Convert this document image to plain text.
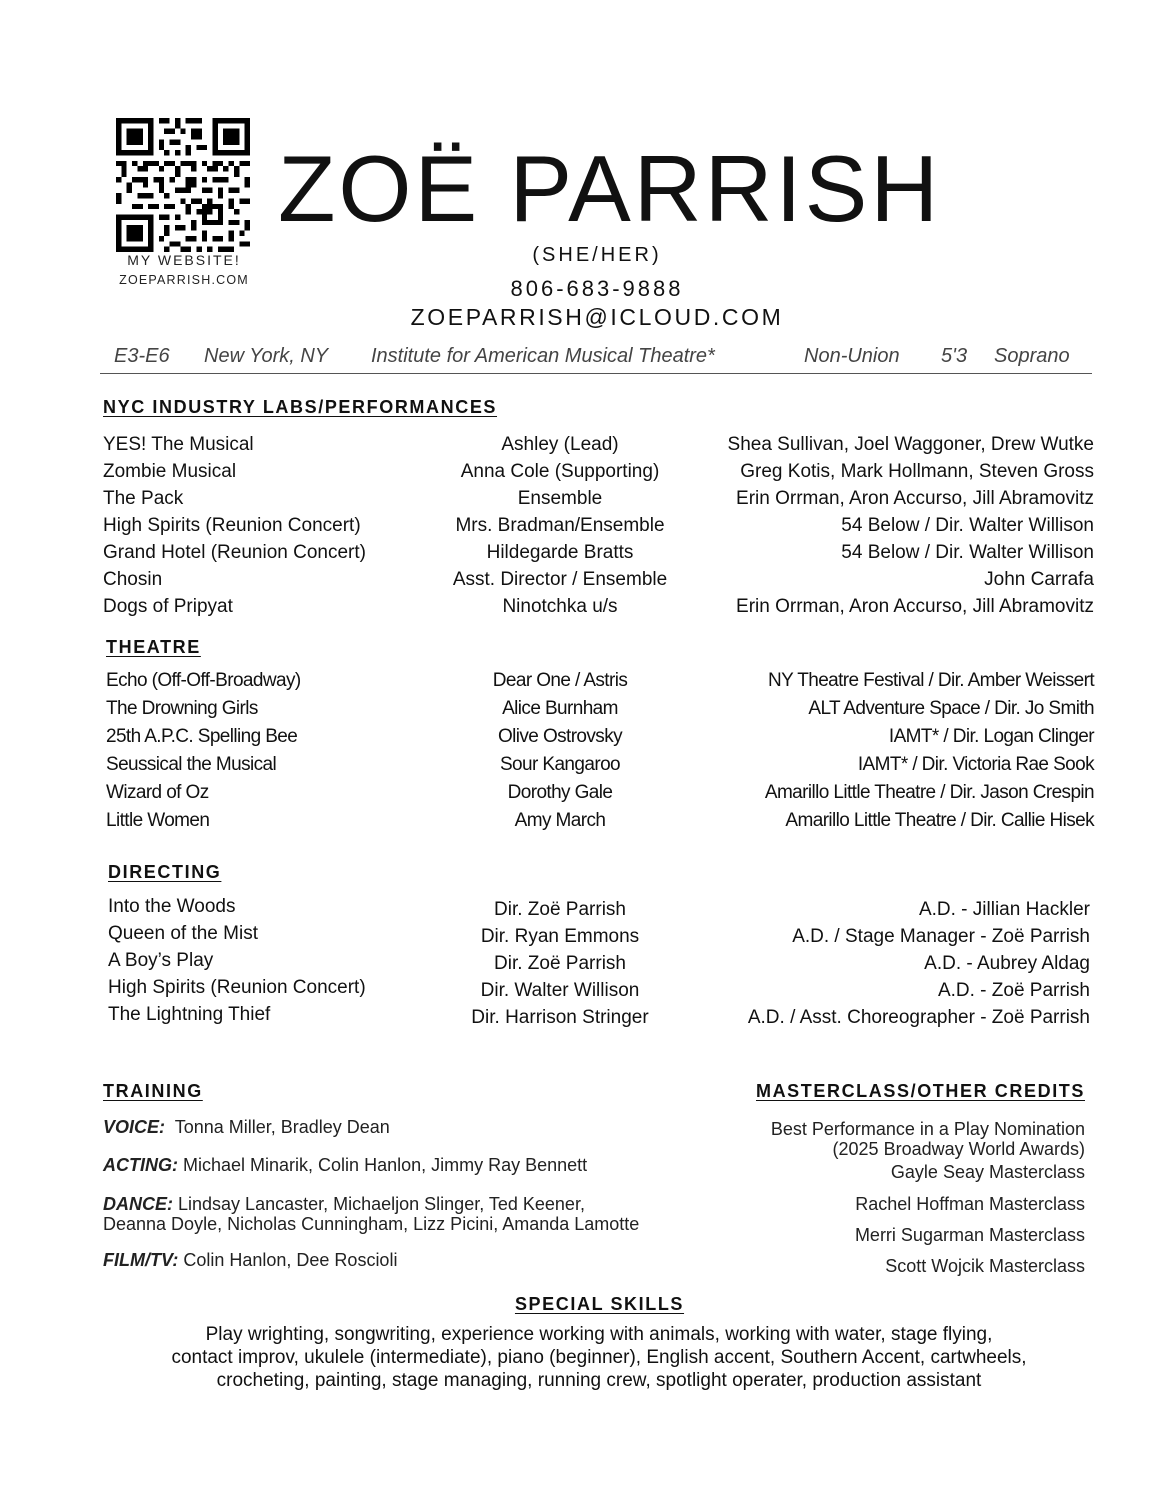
MY WEBSITE!
ZOEPARRISH.COM
ZOË PARRISH
(SHE/HER)
806-683-9888
ZOEPARRISH@ICLOUD.COM
E3-E6 New York, NY Institute for American Musical Theatre*	Non-Union 5'3 Soprano
NYC INDUSTRY LABS/PERFORMANCES
YES! The Musical	Ashley (Lead)	Shea Sullivan, Joel Waggoner, Drew Wutke
Zombie Musical	Anna Cole (Supporting)	Greg Kotis, Mark Hollmann, Steven Gross
The Pack	Ensemble	Erin Orrman, Aron Accurso, Jill Abramovitz
High Spirits (Reunion Concert)	Mrs. Bradman/Ensemble	54 Below / Dir. Walter Willison
Grand Hotel (Reunion Concert)	Hildegarde Bratts	54 Below / Dir. Walter Willison
Chosin	Asst. Director / Ensemble	John Carrafa
Dogs of Pripyat	Ninotchka u/s	Erin Orrman, Aron Accurso, Jill Abramovitz
THEATRE
Echo (Off-Off-Broadway)	Dear One / Astris	NY Theatre Festival / Dir. Amber Weissert
The Drowning Girls	Alice Burnham	ALT Adventure Space / Dir. Jo Smith
25th A.P.C. Spelling Bee	Olive Ostrovsky	IAMT* / Dir. Logan Clinger
Seussical the Musical	Sour Kangaroo	IAMT* / Dir. Victoria Rae Sook
Wizard of Oz	Dorothy Gale	Amarillo Little Theatre / Dir. Jason Crespin
Little Women	Amy March	Amarillo Little Theatre / Dir. Callie Hisek
DIRECTING
Into the Woods	Dir. Zoë Parrish	A.D. - Jillian Hackler
Queen of the Mist	Dir. Ryan Emmons	A.D. / Stage Manager - Zoë Parrish
A Boy’s Play	Dir. Zoë Parrish	A.D. - Aubrey Aldag
High Spirits (Reunion Concert)	Dir. Walter Willison	A.D. - Zoë Parrish
The Lightning Thief	Dir. Harrison Stringer	A.D. / Asst. Choreographer - Zoë Parrish
TRAINING
VOICE: Tonna Miller, Bradley Dean
ACTING: Michael Minarik, Colin Hanlon, Jimmy Ray Bennett
DANCE: Lindsay Lancaster, Michaeljon Slinger, Ted Keener,
Deanna Doyle, Nicholas Cunningham, Lizz Picini, Amanda Lamotte
FILM/TV: Colin Hanlon, Dee Roscioli
MASTERCLASS/OTHER CREDITS
Best Performance in a Play Nomination
(2025 Broadway World Awards)
Gayle Seay Masterclass
Rachel Hoffman Masterclass
Merri Sugarman Masterclass
Scott Wojcik Masterclass
SPECIAL SKILLS
Play wrighting, songwriting, experience working with animals, working with water, stage flying,
contact improv, ukulele (intermediate), piano (beginner), English accent, Southern Accent, cartwheels,
crocheting, painting, stage managing, running crew, spotlight operater, production assistant
